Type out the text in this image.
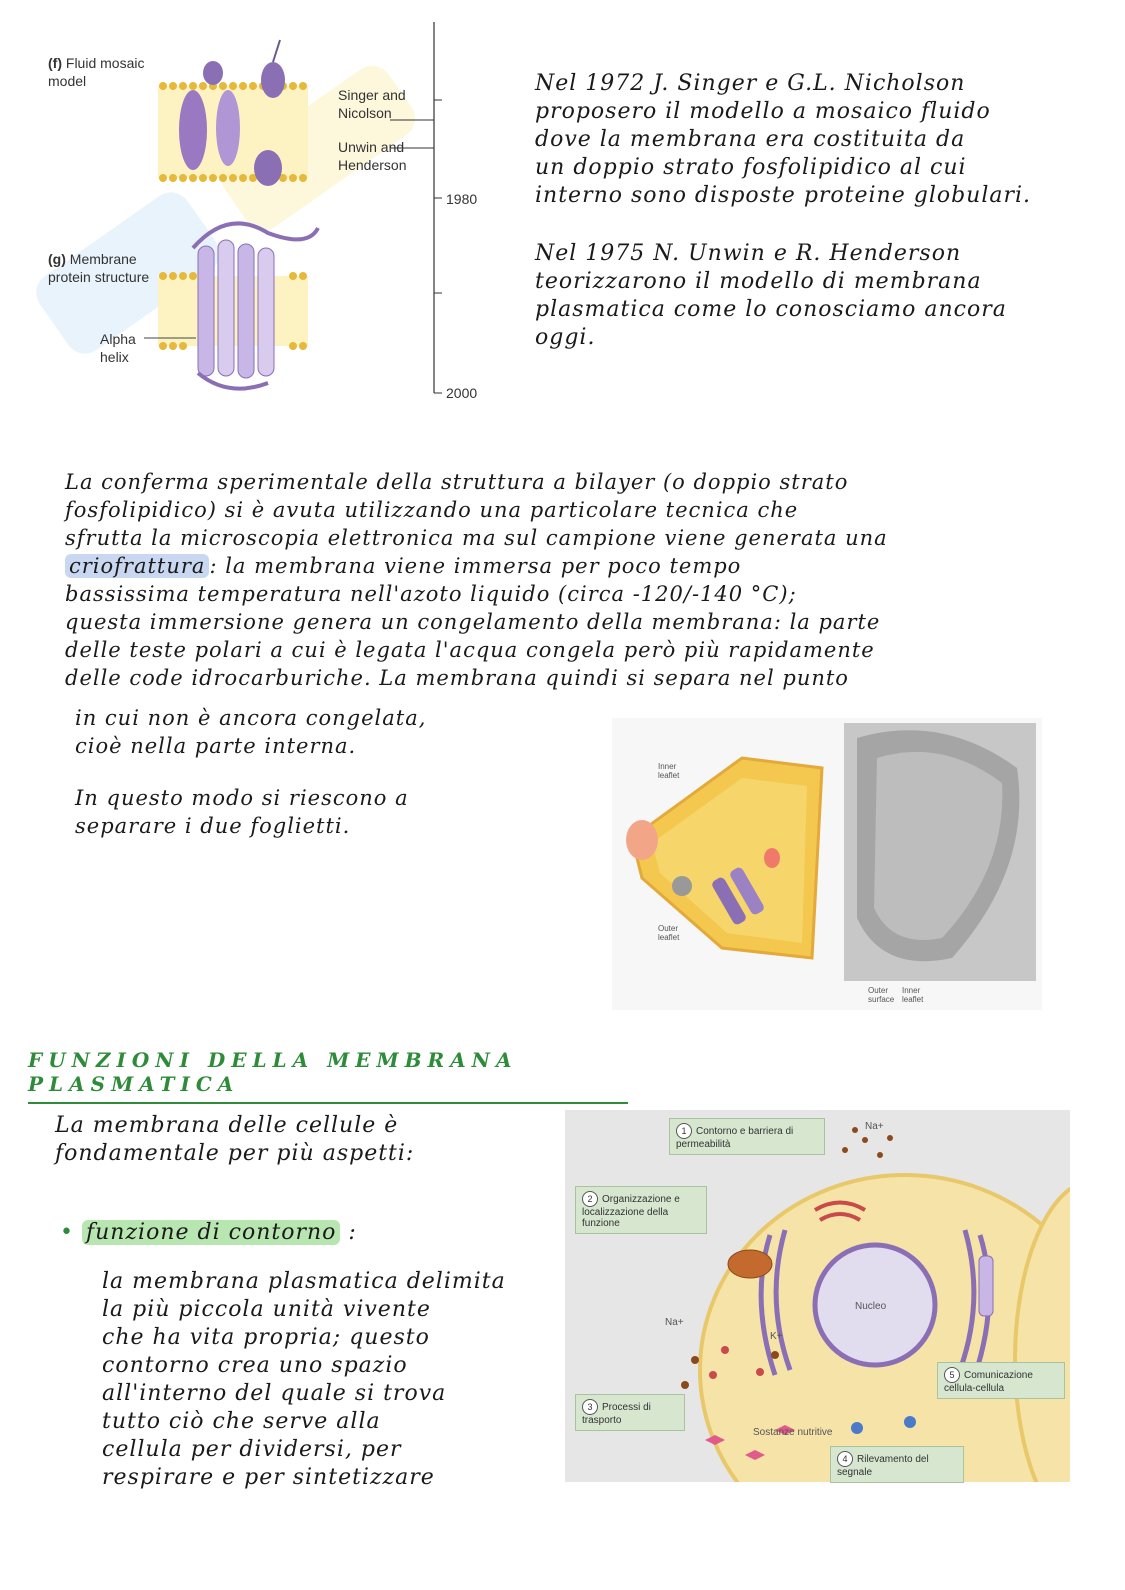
(f) Fluid mosaic model
(g) Membrane protein structure
Alpha helix
Singer and Nicolson
Unwin and Henderson
1980
2000
Nel 1972 J. Singer e G.L. Nicholson
proposero il modello a mosaico fluido
dove la membrana era costituita da
un doppio strato fosfolipidico al cui
interno sono disposte proteine globulari.
Nel 1975 N. Unwin e R. Henderson
teorizzarono il modello di membrana
plasmatica come lo conosciamo ancora
oggi.
La conferma sperimentale della struttura a bilayer (o doppio strato
fosfolipidico) si è avuta utilizzando una particolare tecnica che
sfrutta la microscopia elettronica ma sul campione viene generata una
criofrattura : la membrana viene immersa per poco tempo
bassissima temperatura nell'azoto liquido (circa -120/-140 °C);
questa immersione genera un congelamento della membrana: la parte
delle teste polari a cui è legata l'acqua congela però più rapidamente
delle code idrocarburiche. La membrana quindi si separa nel punto
in cui non è ancora congelata,
cioè nella parte interna.
In questo modo si riescono a
separare i due foglietti.
Inner leaflet
Outer leaflet
Outer surface
Inner leaflet
FUNZIONI DELLA MEMBRANA PLASMATICA
La membrana delle cellule è
fondamentale per più aspetti:
• funzione di contorno :
la membrana plasmatica delimita
la più piccola unità vivente
che ha vita propria; questo
contorno crea uno spazio
all'interno del quale si trova
tutto ciò che serve alla
cellula per dividersi, per
respirare e per sintetizzare
1 Contorno e barriera di permeabilità
2 Organizzazione e localizzazione della funzione
3 Processi di trasporto
4 Rilevamento del segnale
5 Comunicazione cellula-cellula
Na+
Na+
K+
Nucleo
Sostanze nutritive
